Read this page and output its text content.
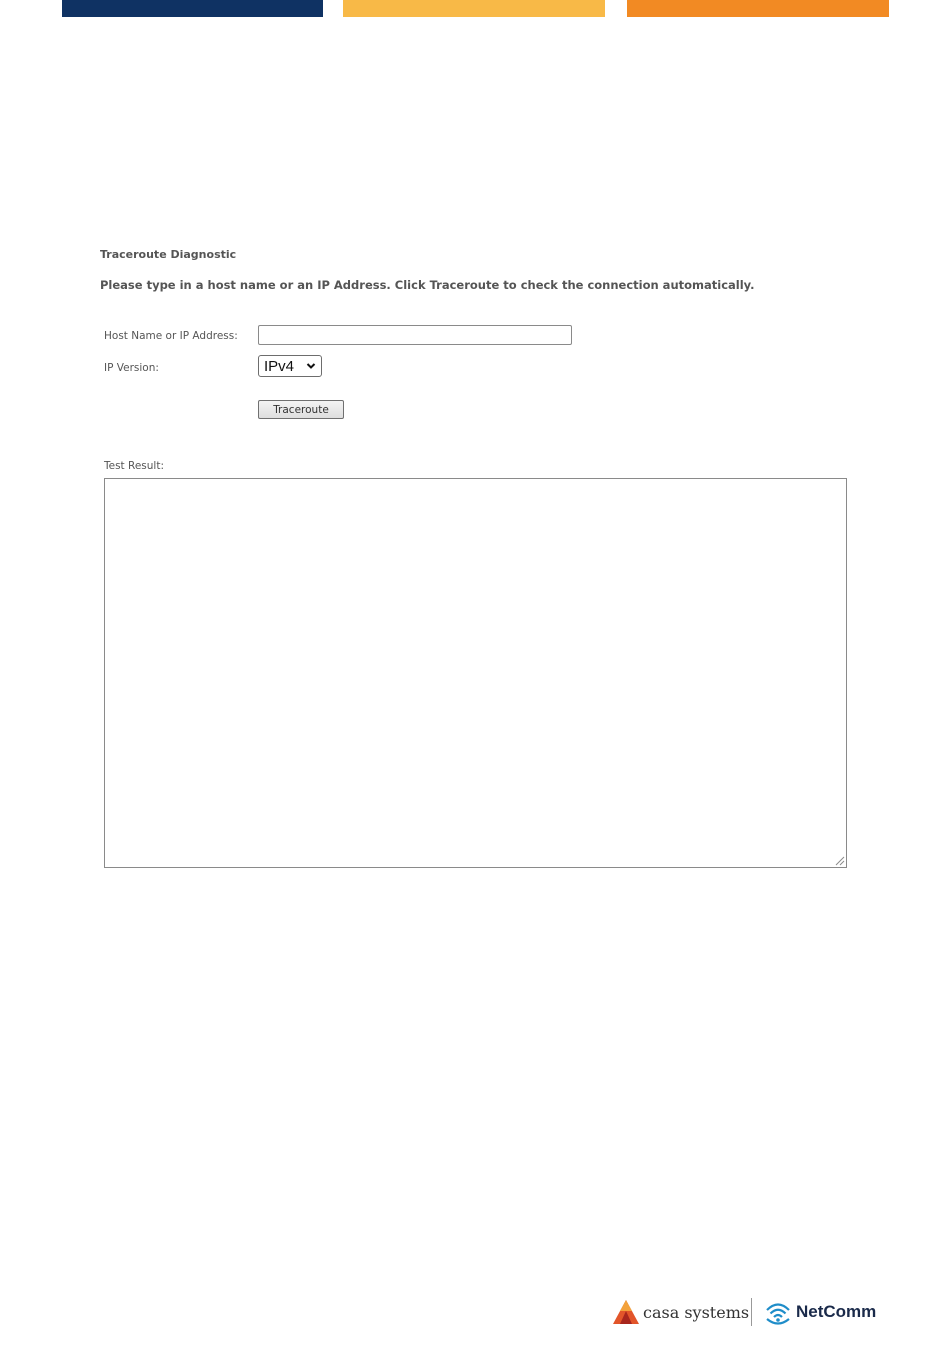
Traceroute Diagnostic
Please type in a host name or an IP Address. Click Traceroute to check the connection automatically.
Host Name or IP Address:
IP Version:	IPv4
Traceroute
Test Result:
casa systems	NetComm
